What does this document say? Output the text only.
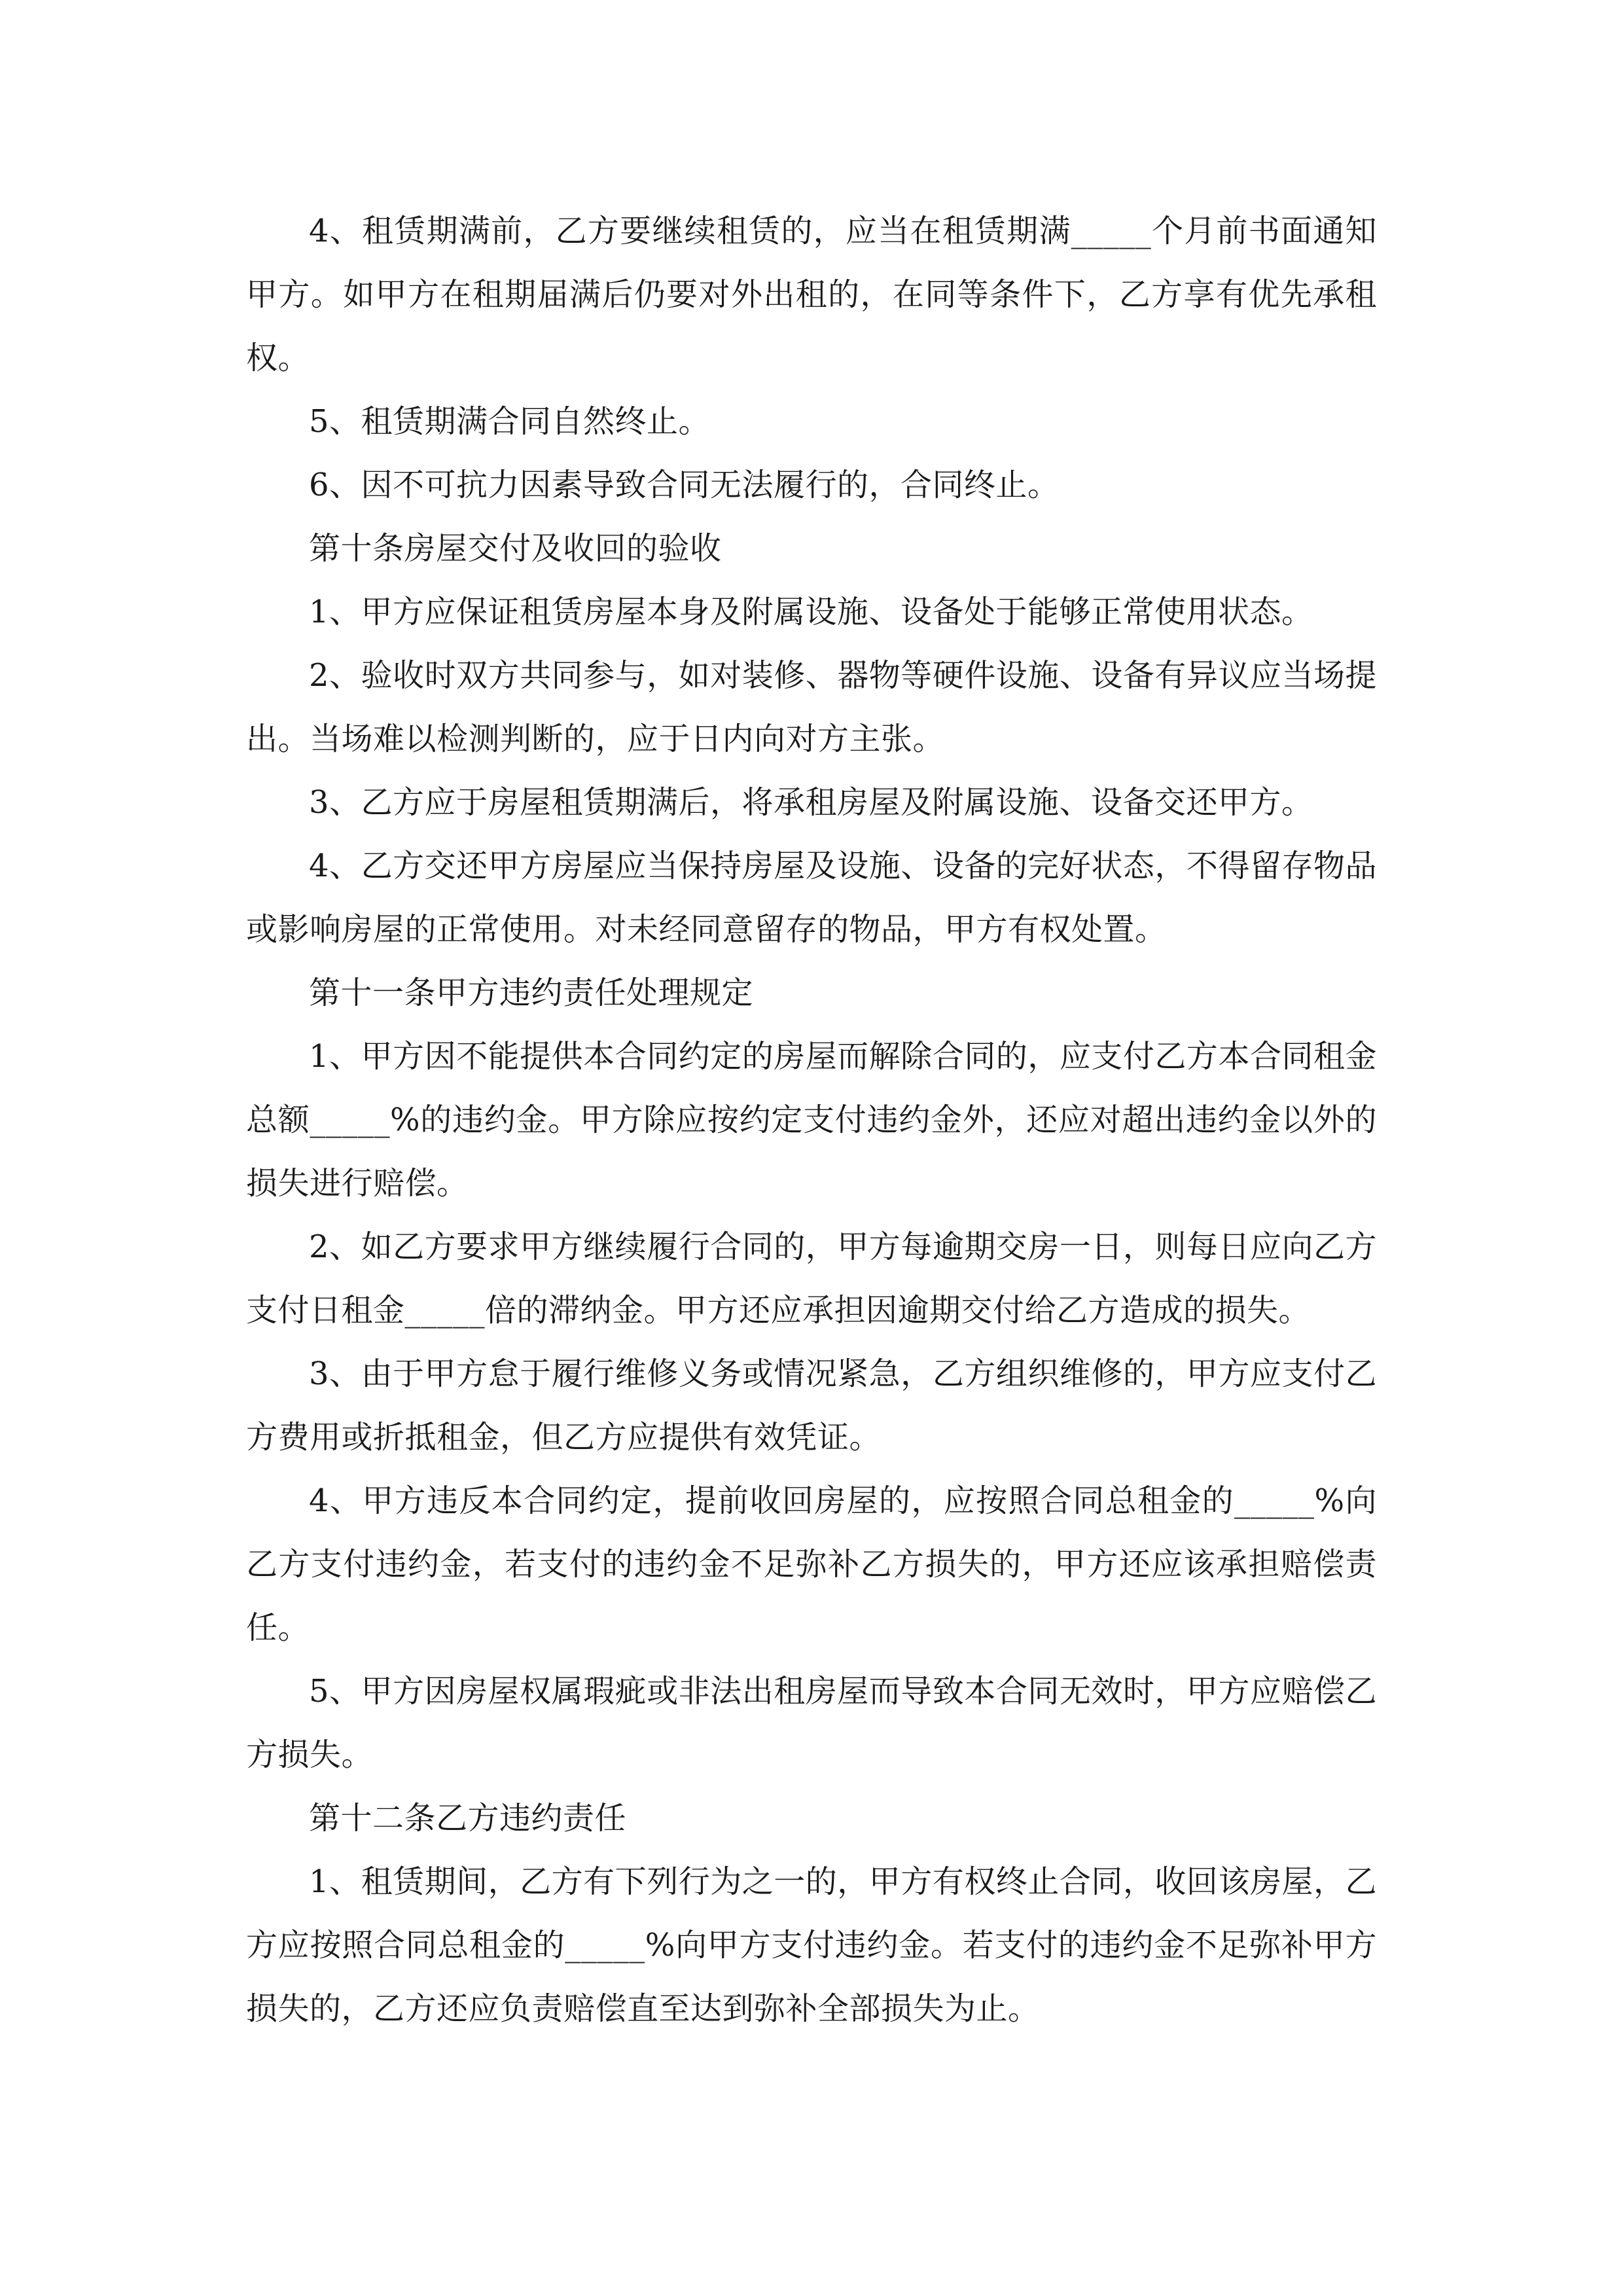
4、租赁期满前，乙方要继续租赁的，应当在租赁期满_____个月前书面通知甲方。如甲方在租期届满后仍要对外出租的，在同等条件下，乙方享有优先承租权。

5、租赁期满合同自然终止。

6、因不可抗力因素导致合同无法履行的，合同终止。

第十条房屋交付及收回的验收

1、甲方应保证租赁房屋本身及附属设施、设备处于能够正常使用状态。

2、验收时双方共同参与，如对装修、器物等硬件设施、设备有异议应当场提出。当场难以检测判断的，应于日内向对方主张。

3、乙方应于房屋租赁期满后，将承租房屋及附属设施、设备交还甲方。

4、乙方交还甲方房屋应当保持房屋及设施、设备的完好状态，不得留存物品或影响房屋的正常使用。对未经同意留存的物品，甲方有权处置。

第十一条甲方违约责任处理规定

1、甲方因不能提供本合同约定的房屋而解除合同的，应支付乙方本合同租金总额_____%的违约金。甲方除应按约定支付违约金外，还应对超出违约金以外的损失进行赔偿。

2、如乙方要求甲方继续履行合同的，甲方每逾期交房一日，则每日应向乙方支付日租金_____倍的滞纳金。甲方还应承担因逾期交付给乙方造成的损失。

3、由于甲方怠于履行维修义务或情况紧急，乙方组织维修的，甲方应支付乙方费用或折抵租金，但乙方应提供有效凭证。

4、甲方违反本合同约定，提前收回房屋的，应按照合同总租金的_____%向乙方支付违约金，若支付的违约金不足弥补乙方损失的，甲方还应该承担赔偿责任。

5、甲方因房屋权属瑕疵或非法出租房屋而导致本合同无效时，甲方应赔偿乙方损失。

第十二条乙方违约责任

1、租赁期间，乙方有下列行为之一的，甲方有权终止合同，收回该房屋，乙方应按照合同总租金的_____%向甲方支付违约金。若支付的违约金不足弥补甲方损失的，乙方还应负责赔偿直至达到弥补全部损失为止。
